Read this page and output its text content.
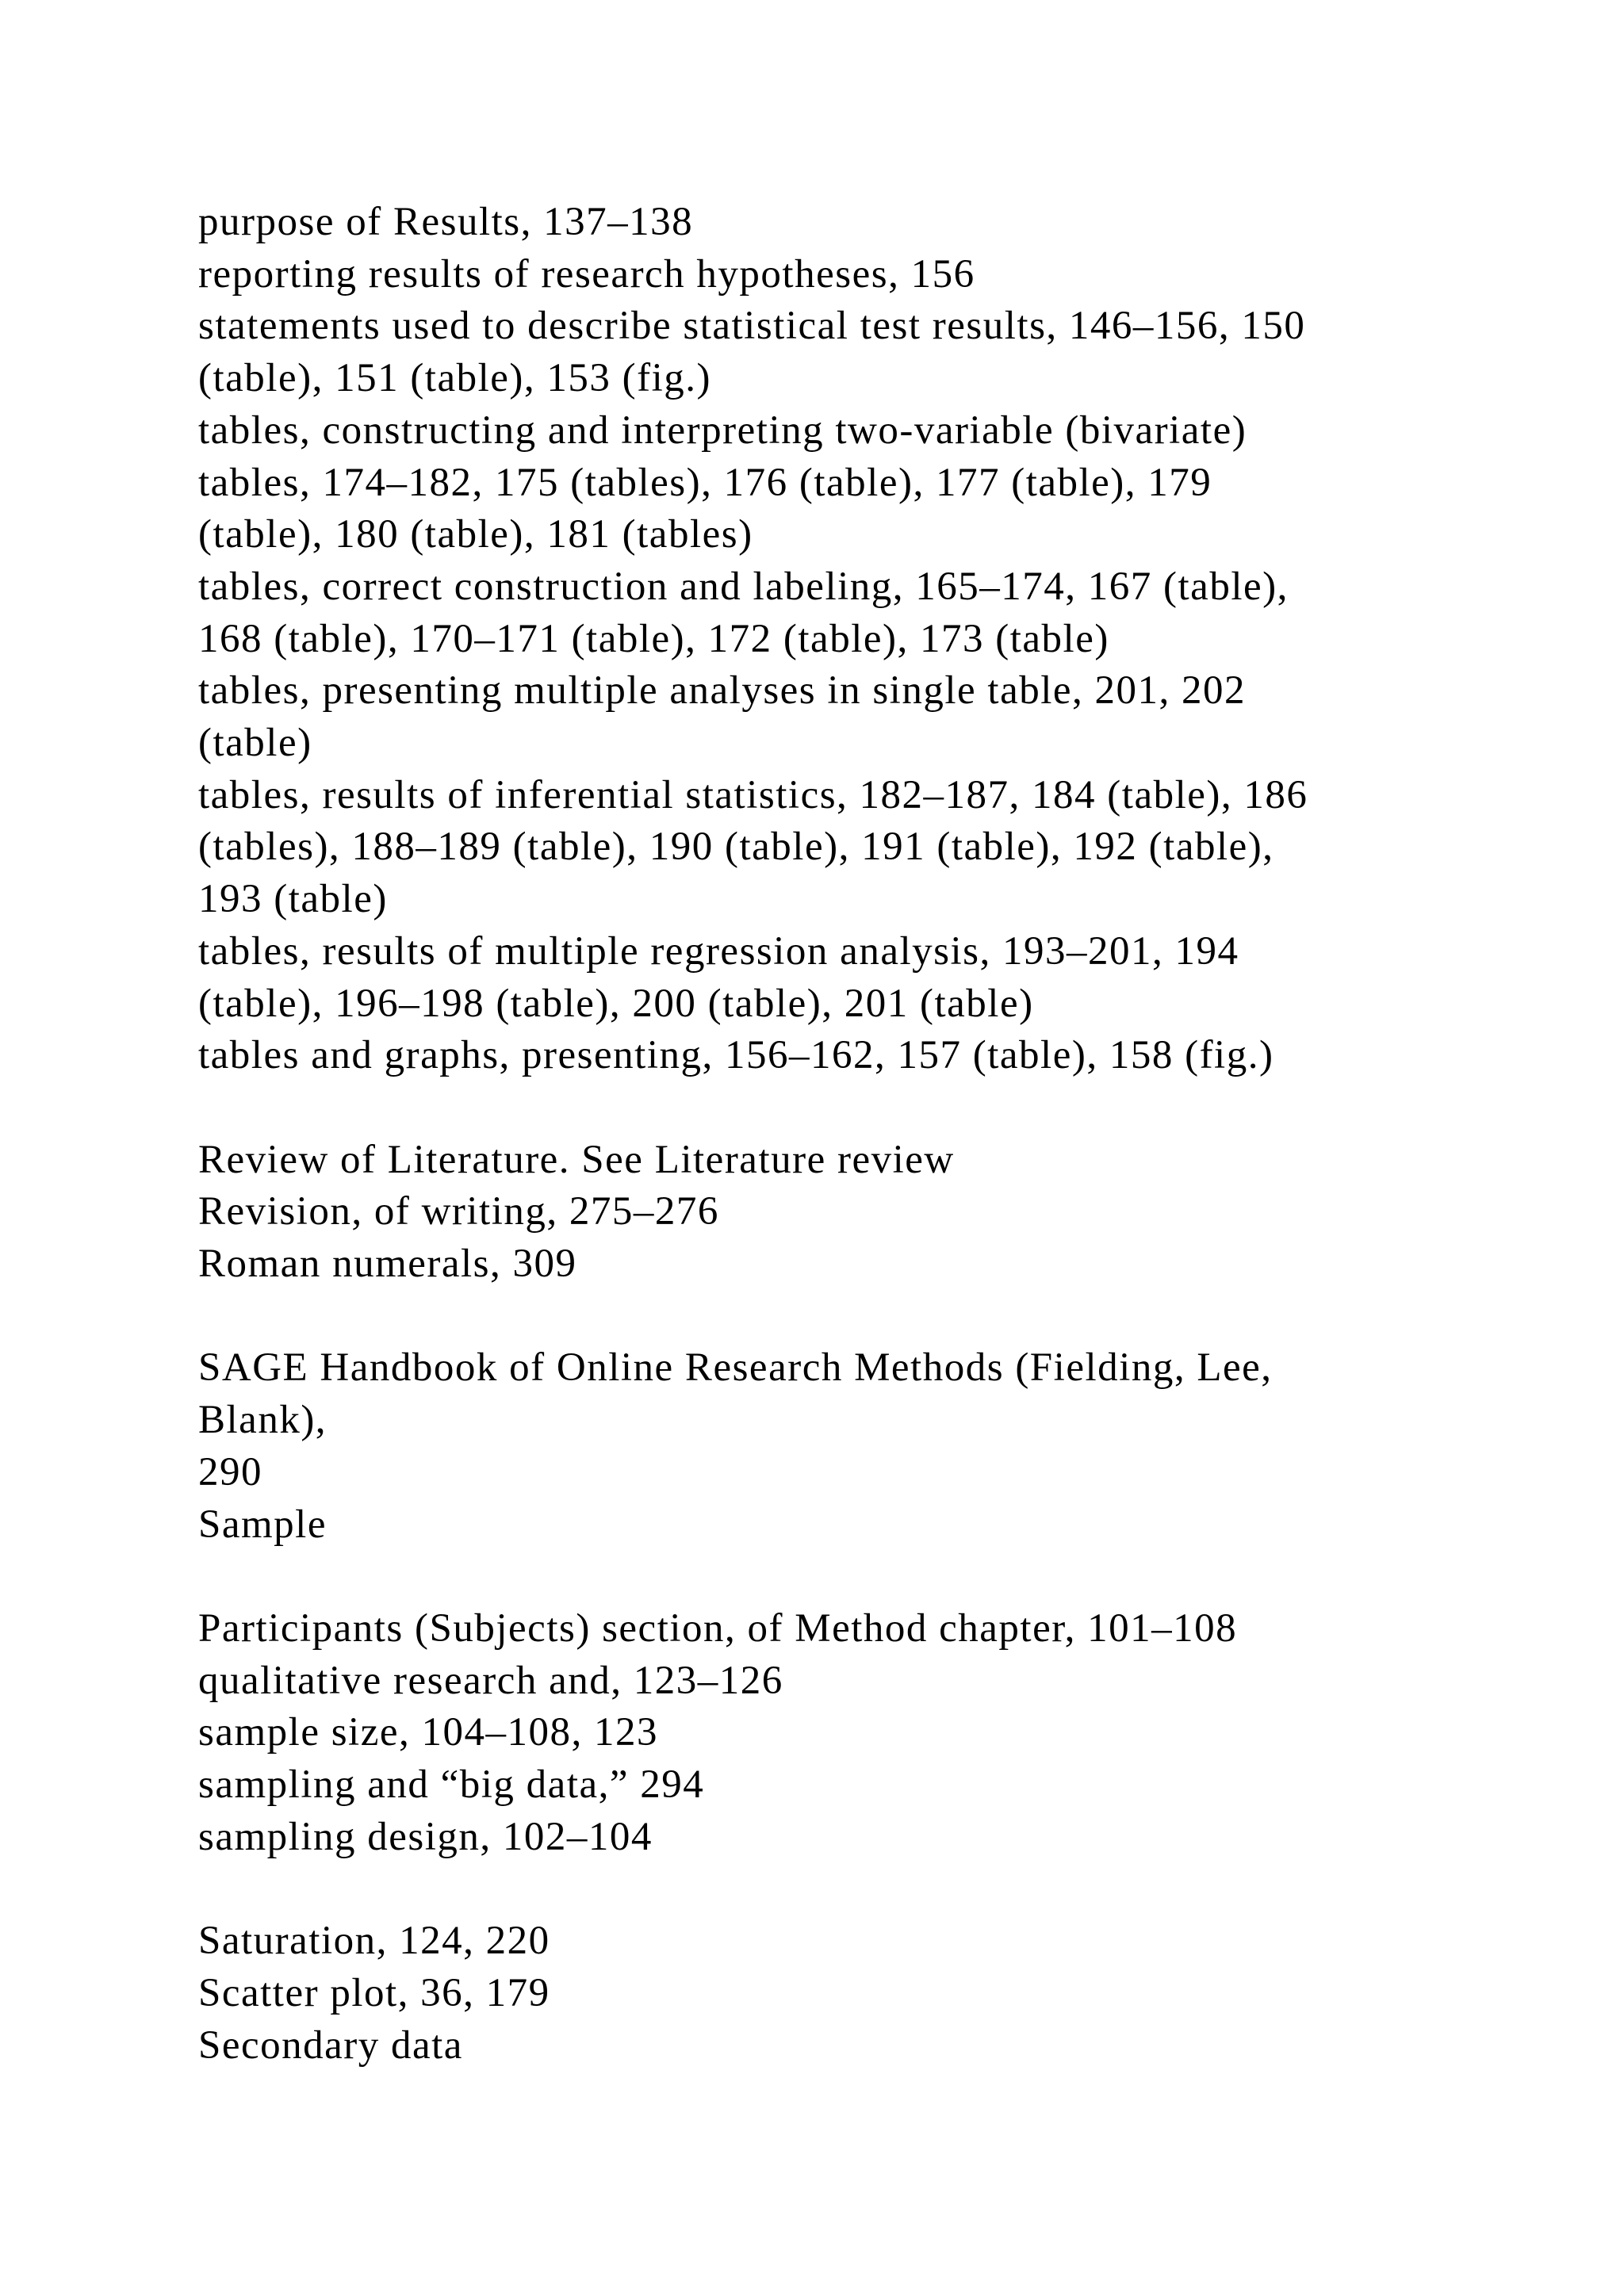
purpose of Results, 137–138
reporting results of research hypotheses, 156
statements used to describe statistical test results, 146–156, 150
(table), 151 (table), 153 (fig.)
tables, constructing and interpreting two-variable (bivariate)
tables, 174–182, 175 (tables), 176 (table), 177 (table), 179
(table), 180 (table), 181 (tables)
tables, correct construction and labeling, 165–174, 167 (table),
168 (table), 170–171 (table), 172 (table), 173 (table)
tables, presenting multiple analyses in single table, 201, 202
(table)
tables, results of inferential statistics, 182–187, 184 (table), 186
(tables), 188–189 (table), 190 (table), 191 (table), 192 (table),
193 (table)
tables, results of multiple regression analysis, 193–201, 194
(table), 196–198 (table), 200 (table), 201 (table)
tables and graphs, presenting, 156–162, 157 (table), 158 (fig.)
Review of Literature. See Literature review
Revision, of writing, 275–276
Roman numerals, 309
SAGE Handbook of Online Research Methods (Fielding, Lee,
Blank),
290
Sample
Participants (Subjects) section, of Method chapter, 101–108
qualitative research and, 123–126
sample size, 104–108, 123
sampling and “big data,” 294
sampling design, 102–104
Saturation, 124, 220
Scatter plot, 36, 179
Secondary data
